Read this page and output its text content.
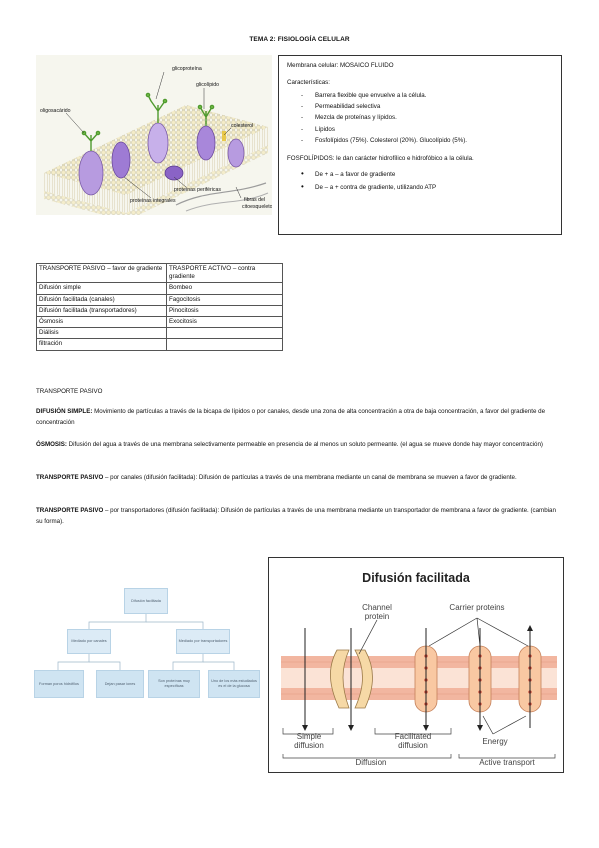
TEMA 2: FISIOLOGÍA CELULAR
glicoproteína
glicolípido
oligosacárido
colesterol
proteínas periféricas
proteínas integrales	fibras del
citoesqueleto

Membrana celular: MOSAICO FLUIDO

Características:

- Barrera flexible que envuelve a la célula.
- Permeabilidad selectiva
- Mezcla de proteínas y lípidos.
- Lípidos
- Fosfolípidos (75%). Colesterol (20%). Glucolípido (5%).

FOSFOLÍPIDOS: le dan carácter hidrofílico e hidrofóbico a la célula.

• De + a – a favor de gradiente
• De – a + contra de gradiente, utilizando ATP
TRANSPORTE PASIVO – favor de gradiente	TRASPORTE ACTIVO – contra gradiente
Difusión simple	Bombeo
Difusión facilitada (canales)	Fagocitosis
Difusión facilitada (transportadores)	Pinocitosis
Ósmosis	Exocitosis
Diálisis	
filtración	
TRANSPORTE PASIVO
DIFUSIÓN SIMPLE: Movimiento de partículas a través de la bicapa de lípidos o por canales, desde una zona de alta concentración a otra de baja concentración, a favor del gradiente de concentración
ÓSMOSIS: Difusión del agua a través de una membrana selectivamente permeable en presencia de al menos un soluto permeante. (el agua se mueve donde hay mayor concentración)
TRANSPORTE PASIVO – por canales (difusión facilitada): Difusión de partículas a través de una membrana mediante un canal de membrana se mueven a favor de gradiente.
TRANSPORTE PASIVO – por transportadores (difusión facilitada): Difusión de partículas a través de una membrana mediante un transportador de membrana a favor de gradiente. (cambian su forma).
Difusión facilitada
Mediado por canales	Mediado por transportadores
Forman poros hidrófilos	Dejan pasar iones
Son proteínas muy específicas
Uno de los más estudiados es el de la glucosa
Difusión facilitada
Channel
protein
Carrier proteins
Energy
Simple
diffusion
Facilitated
diffusion
Diffusion	Active transport
